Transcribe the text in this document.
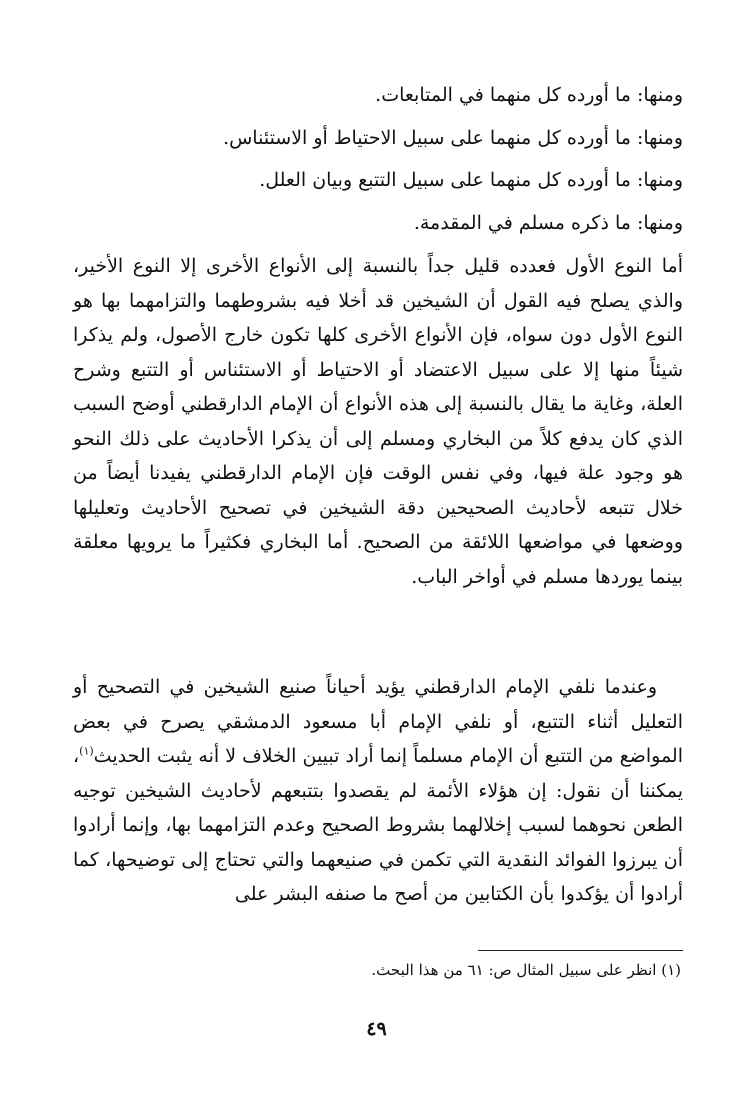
ومنها: ما أورده كل منهما في المتابعات.
ومنها: ما أورده كل منهما على سبيل الاحتياط أو الاستئناس.
ومنها: ما أورده كل منهما على سبيل التتبع وبيان العلل.
ومنها: ما ذكره مسلم في المقدمة.

أما النوع الأول فعدده قليل جداً بالنسبة إلى الأنواع الأخرى إلا النوع الأخير، والذي يصلح فيه القول أن الشيخين قد أخلا فيه بشروطهما والتزامهما بها هو النوع الأول دون سواه، فإن الأنواع الأخرى كلها تكون خارج الأصول، ولم يذكرا شيئاً منها إلا على سبيل الاعتضاد أو الاحتياط أو الاستئناس أو التتبع وشرح العلة، وغاية ما يقال بالنسبة إلى هذه الأنواع أن الإمام الدارقطني أوضح السبب الذي كان يدفع كلاً من البخاري ومسلم إلى أن يذكرا الأحاديث على ذلك النحو هو وجود علة فيها، وفي نفس الوقت فإن الإمام الدارقطني يفيدنا أيضاً من خلال تتبعه لأحاديث الصحيحين دقة الشيخين في تصحيح الأحاديث وتعليلها ووضعها في مواضعها اللائقة من الصحيح. أما البخاري فكثيراً ما يرويها معلقة بينما يوردها مسلم في أواخر الباب.

وعندما نلفي الإمام الدارقطني يؤيد أحياناً صنيع الشيخين في التصحيح أو التعليل أثناء التتبع، أو نلفي الإمام أبا مسعود الدمشقي يصرح في بعض المواضع من التتبع أن الإمام مسلماً إنما أراد تبيين الخلاف لا أنه يثبت الحديث$^{(١)}$، يمكننا أن نقول: إن هؤلاء الأئمة لم يقصدوا بتتبعهم لأحاديث الشيخين توجيه الطعن نحوهما لسبب إخلالهما بشروط الصحيح وعدم التزامهما بها، وإنما أرادوا أن يبرزوا الفوائد النقدية التي تكمن في صنيعهما والتي تحتاج إلى توضيحها، كما أرادوا أن يؤكدوا بأن الكتابين من أصح ما صنفه البشر على

(١) انظر على سبيل المثال ص: ٦١ من هذا البحث.
٤٩
